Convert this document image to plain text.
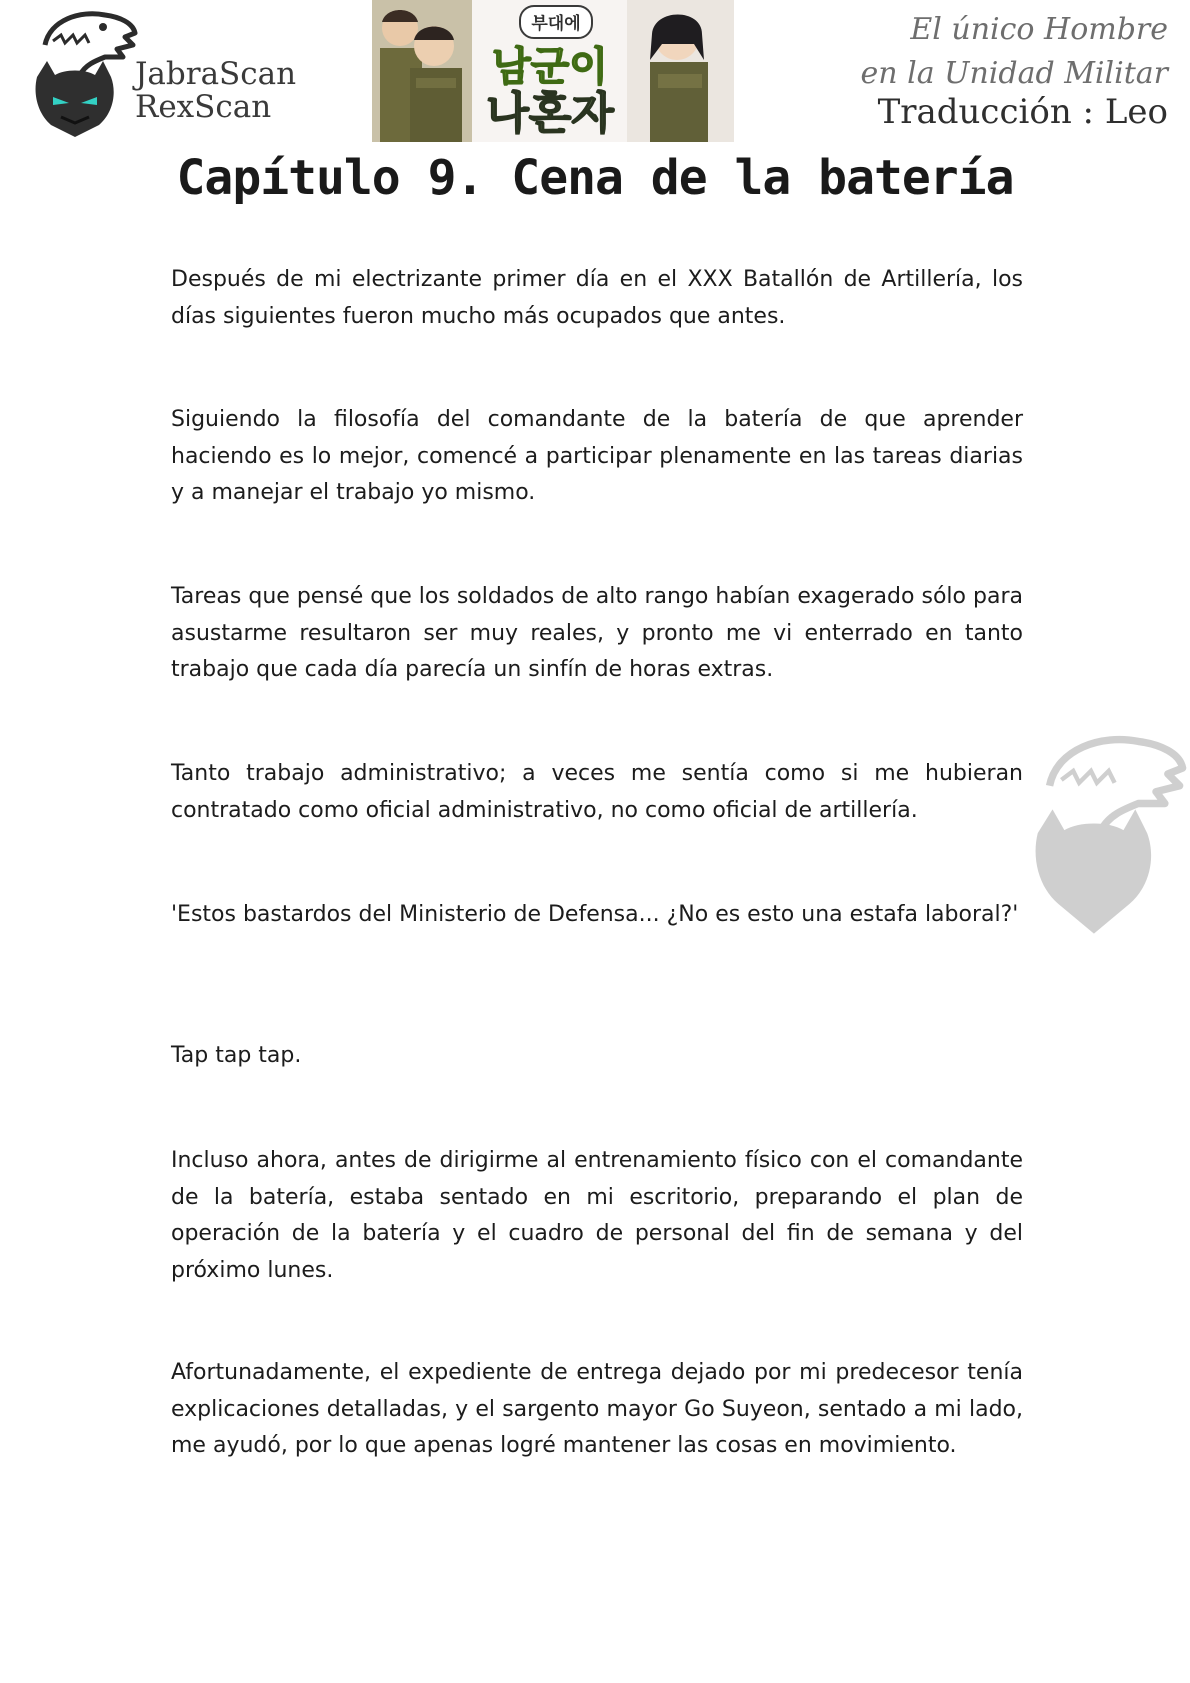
JabraScan
RexScan
부대에
남군이
나혼자
El único Hombre
en la Unidad Militar
Traducción : Leo
Capítulo 9. Cena de la batería

Después de mi electrizante primer día en el XXX Batallón de Artillería, los días siguientes fueron mucho más ocupados que antes.

Siguiendo la filosofía del comandante de la batería de que aprender haciendo es lo mejor, comencé a participar plenamente en las tareas diarias y a manejar el trabajo yo mismo.

Tareas que pensé que los soldados de alto rango habían exagerado sólo para asustarme resultaron ser muy reales, y pronto me vi enterrado en tanto trabajo que cada día parecía un sinfín de horas extras.

Tanto trabajo administrativo; a veces me sentía como si me hubieran contratado como oficial administrativo, no como oficial de artillería.

'Estos bastardos del Ministerio de Defensa... ¿No es esto una estafa laboral?'

Tap tap tap.

Incluso ahora, antes de dirigirme al entrenamiento físico con el comandante de la batería, estaba sentado en mi escritorio, preparando el plan de operación de la batería y el cuadro de personal del fin de semana y del próximo lunes.

Afortunadamente, el expediente de entrega dejado por mi predecesor tenía explicaciones detalladas, y el sargento mayor Go Suyeon, sentado a mi lado, me ayudó, por lo que apenas logré mantener las cosas en movimiento.
